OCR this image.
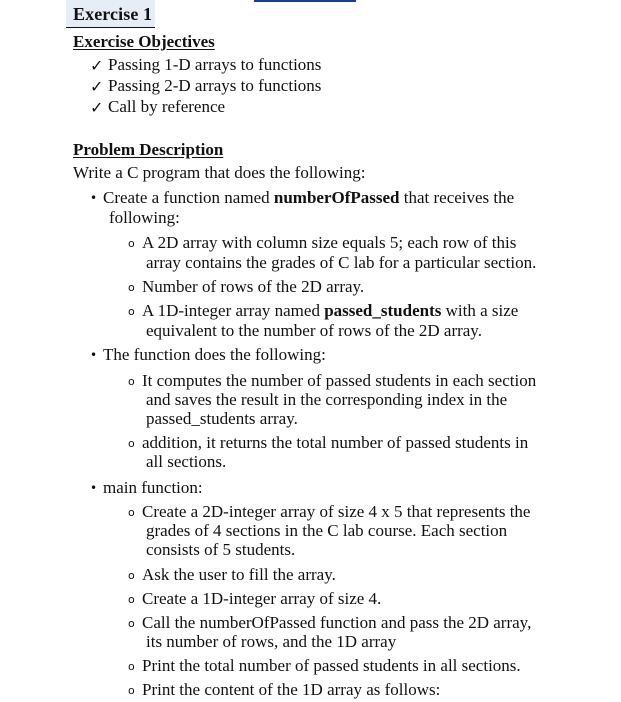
Exercise 1
Exercise Objectives
✓ Passing 1-D arrays to functions
✓ Passing 2-D arrays to functions
✓ Call by reference
Problem Description
Write a C program that does the following:
• Create a function named numberOfPassed that receives the
following:
o A 2D array with column size equals 5; each row of this
array contains the grades of C lab for a particular section.
o Number of rows of the 2D array.
o A 1D-integer array named passed_students with a size
equivalent to the number of rows of the 2D array.
• The function does the following:
o It computes the number of passed students in each section
and saves the result in the corresponding index in the
passed_students array.
o addition, it returns the total number of passed students in
all sections.
• main function:
o Create a 2D-integer array of size 4 x 5 that represents the
grades of 4 sections in the C lab course. Each section
consists of 5 students.
o Ask the user to fill the array.
o Create a 1D-integer array of size 4.
o Call the numberOfPassed function and pass the 2D array,
its number of rows, and the 1D array
o Print the total number of passed students in all sections.
o Print the content of the 1D array as follows:
